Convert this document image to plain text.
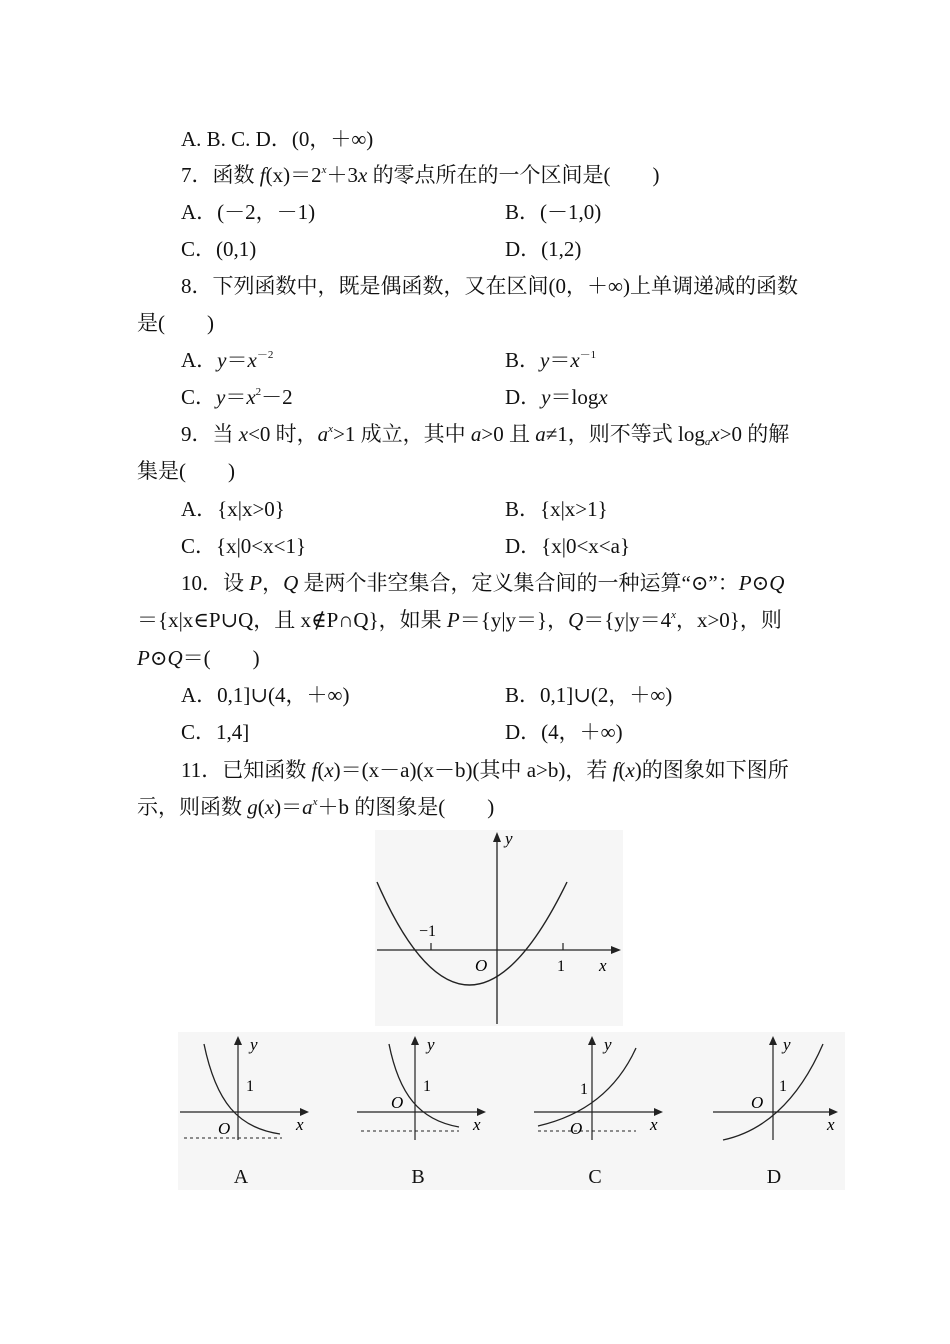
A. B. C. D．(0，＋∞)
7．函数 $f(x)=2^x+3x$ 的零点所在的一个区间是(　　)
A．(－2，－1)	B．(－1,0)
C．(0,1)	D．(1,2)
8．下列函数中，既是偶函数，又在区间(0，＋∞)上单调递减的函数
是(　　)
A．$y=x^{-2}$	B．$y=x^{-1}$
C．$y=x^2-2$	D．y＝logx
9．当 x<0 时，$a^x>1$ 成立，其中 a>0 且 a≠1，则不等式 $\log_ax>0$ 的解
集是(　　)
A．{x|x>0}	B．{x|x>1}
C．{x|0<x<1}	D．{x|0<x<a}
10．设 P，Q 是两个非空集合，定义集合间的一种运算“⊙”：P⊙Q
＝{x|x∈P∪Q，且 x∉P∩Q}，如果 P＝{y|y＝}，$Q=\{y|y=4^x$，x>0}，则
P⊙Q＝(　　)
A．0,1]∪(4，＋∞)	B．0,1]∪(2，＋∞)
C．1,4]	D．(4，＋∞)
11．已知函数 f(x)＝(x－a)(x－b)(其中 a>b)，若 f(x)的图象如下图所
示，则函数 $g(x)=a^x+b$ 的图象是(　　)
y
x
O
−1
1
y
x
O
1
A
y
x
O
1
B
y
x
O
1
C
y
x
O
1
D
